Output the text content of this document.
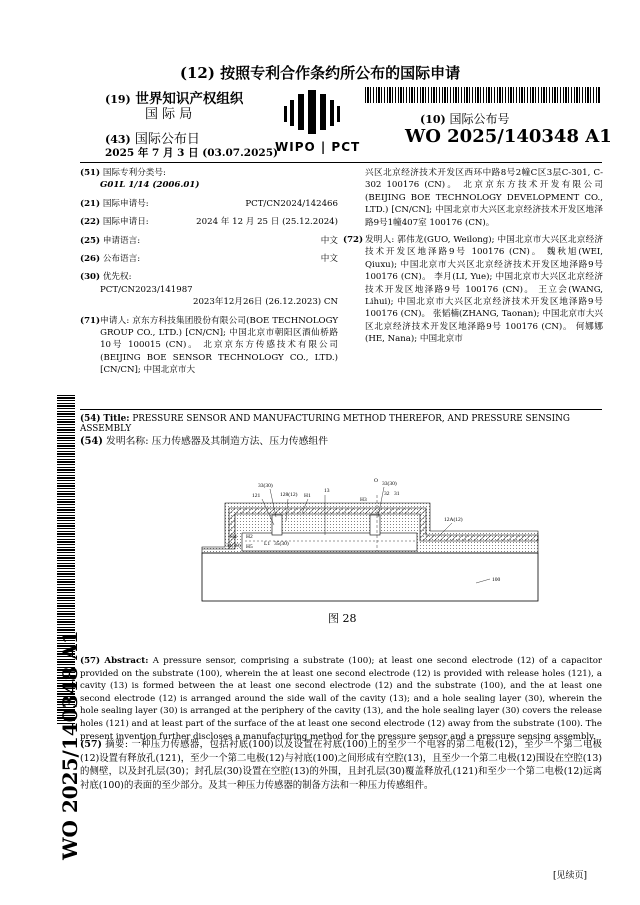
(12) 按照专利合作条约所公布的国际申请
(19) 世界知识产权组织
国 际 局
(43) 国际公布日
2025 年 7 月 3 日 (03.07.2025)
WIPO | PCT
(10) 国际公布号
WO 2025/140348 A1
(51) 国际专利分类号:
G01L 1/14 (2006.01)
(21) 国际申请号:	PCT/CN2024/142466
(22) 国际申请日:	2024 年 12 月 25 日 (25.12.2024)
(25) 申请语言:	中文
(26) 公布语言:	中文
(30) 优先权:
PCT/CN2023/141987

2023年12月26日 (26.12.2023) CN
(71) 申请人: 京东方科技集团股份有限公司(BOE TECHNOLOGY GROUP CO., LTD.) [CN/CN]; 中国北京市朝阳区酒仙桥路10号 100015 (CN)。 北京京东方传感技术有限公司(BEIJING BOE SENSOR TECHNOLOGY CO., LTD.) [CN/CN]; 中国北京市大
兴区北京经济技术开发区西环中路8号2幢C区3层C-301, C-302 100176 (CN)。 北京京东方技术开发有限公司(BEIJING BOE TECHNOLOGY DEVELOPMENT CO., LTD.) [CN/CN]; 中国北京市大兴区北京经济技术开发区地泽路9号1幢407室 100176 (CN)。
(72) 发明人: 郭伟龙(GUO, Weilong); 中国北京市大兴区北京经济技术开发区地泽路9号 100176 (CN)。 魏秋旭(WEI, Qiuxu); 中国北京市大兴区北京经济技术开发区地泽路9号 100176 (CN)。 李月(LI, Yue); 中国北京市大兴区北京经济技术开发区地泽路9号 100176 (CN)。 王立会(WANG, Lihui); 中国北京市大兴区北京经济技术开发区地泽路9号 100176 (CN)。 张韬楠(ZHANG, Taonan); 中国北京市大兴区北京经济技术开发区地泽路9号 100176 (CN)。 何娜娜(HE, Nana); 中国北京市
WO 2025/140348 A1
(54) Title: PRESSURE SENSOR AND MANUFACTURING METHOD THEREFOR, AND PRESSURE SENSING ASSEMBLY
(54) 发明名称: 压力传感器及其制造方法、压力传感组件
33(30)
121	128(12) H1
13
O 33(30)
H3
32 31
12A(12)
H4
34(30)
H2
H5	35(30)
L1
100
图 28
(57) Abstract: A pressure sensor, comprising a substrate (100); at least one second electrode (12) of a capacitor provided on the substrate (100), wherein the at least one second electrode (12) is provided with release holes (121), a cavity (13) is formed between the at least one second electrode (12) and the substrate (100), and the at least one second electrode (12) is arranged around the side wall of the cavity (13); and a hole sealing layer (30), wherein the hole sealing layer (30) is arranged at the periphery of the cavity (13), and the hole sealing layer (30) covers the release holes (121) and at least part of the surface of the at least one second electrode (12) away from the substrate (100). The present invention further discloses a manufacturing method for the pressure sensor and a pressure sensing assembly.
(57) 摘要: 一种压力传感器，包括衬底(100)以及设置在衬底(100)上的至少一个电容的第二电极(12)，至少一个第二电极(12)设置有释放孔(121)，至少一个第二电极(12)与衬底(100)之间形成有空腔(13)，且至少一个第二电极(12)围设在空腔(13)的侧壁，以及封孔层(30)；封孔层(30)设置在空腔(13)的外围，且封孔层(30)覆盖释放孔(121)和至少一个第二电极(12)远离衬底(100)的表面的至少部分。及其一种压力传感器的制备方法和一种压力传感组件。
[见续页]
